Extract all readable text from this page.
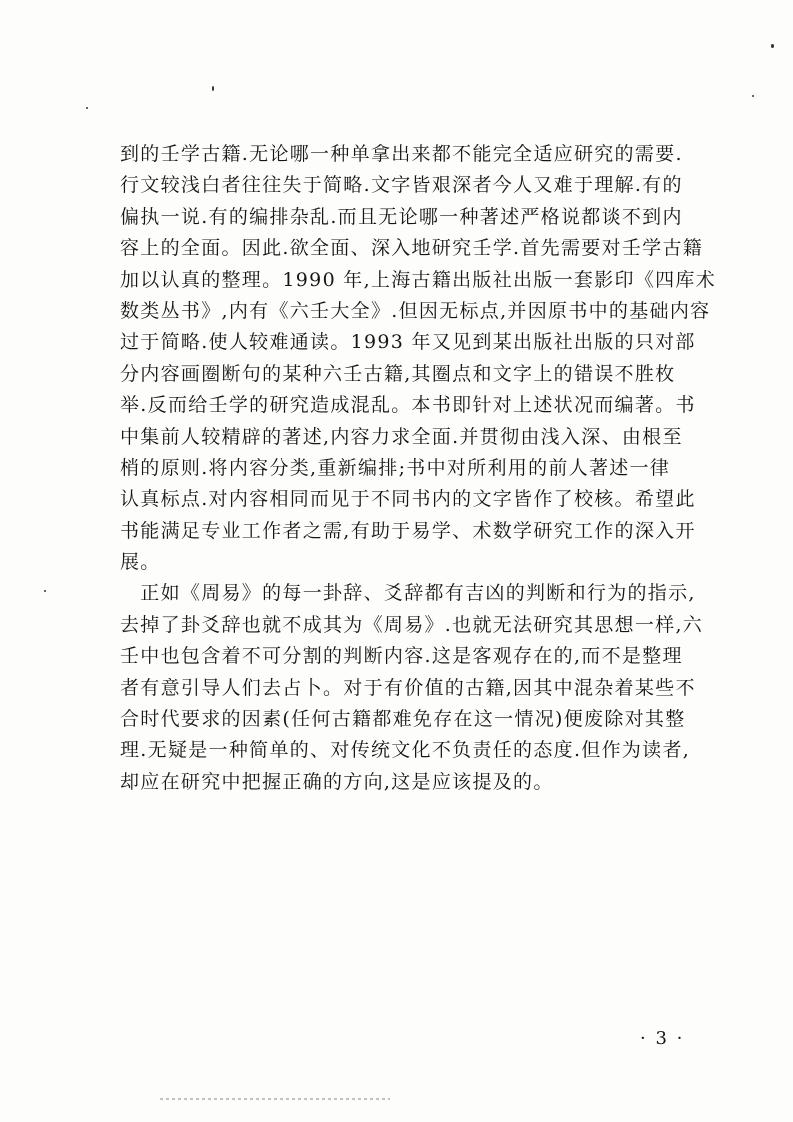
到的壬学古籍.无论哪一种单拿出来都不能完全适应研究的需要.
行文较浅白者往往失于简略.文字皆艰深者今人又难于理解.有的
偏执一说.有的编排杂乱.而且无论哪一种著述严格说都谈不到内
容上的全面。因此.欲全面、深入地研究壬学.首先需要对壬学古籍
加以认真的整理。1990 年,上海古籍出版社出版一套影印《四库术
数类丛书》,内有《六壬大全》.但因无标点,并因原书中的基础内容
过于简略.使人较难通读。1993 年又见到某出版社出版的只对部
分内容画圈断句的某种六壬古籍,其圈点和文字上的错误不胜枚
举.反而给壬学的研究造成混乱。本书即针对上述状况而编著。书
中集前人较精辟的著述,内容力求全面.并贯彻由浅入深、由根至
梢的原则.将内容分类,重新编排;书中对所利用的前人著述一律
认真标点.对内容相同而见于不同书内的文字皆作了校核。希望此
书能满足专业工作者之需,有助于易学、术数学研究工作的深入开
展。
　正如《周易》的每一卦辞、爻辞都有吉凶的判断和行为的指示,
去掉了卦爻辞也就不成其为《周易》.也就无法研究其思想一样,六
壬中也包含着不可分割的判断内容.这是客观存在的,而不是整理
者有意引导人们去占卜。对于有价值的古籍,因其中混杂着某些不
合时代要求的因素(任何古籍都难免存在这一情况)便废除对其整
理.无疑是一种简单的、对传统文化不负责任的态度.但作为读者,
却应在研究中把握正确的方向,这是应该提及的。
· 3 ·
